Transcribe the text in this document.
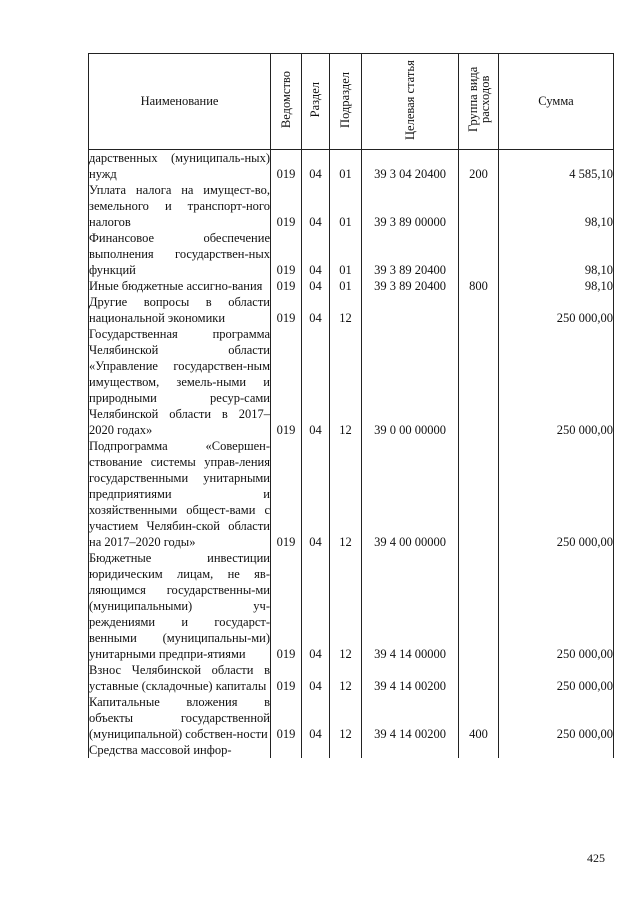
Наименование	Ведомство	Раздел	Подраздел	Целевая статья	Группа вида расходов	Сумма
дарственных (муниципаль-ных) нужд	019	04	01	39 3 04 20400	200	4 585,10
Уплата налога на имущест-во, земельного и транспорт-ного налогов	019	04	01	39 3 89 00000		98,10
Финансовое обеспечение выполнения государствен-ных функций	019	04	01	39 3 89 20400		98,10
Иные бюджетные ассигно-вания	019	04	01	39 3 89 20400	800	98,10
Другие вопросы в области национальной экономики	019	04	12			250 000,00
Государственная программа Челябинской области «Управление государствен-ным имуществом, земель-ными и природными ресур-сами Челябинской области в 2017–2020 годах»	019	04	12	39 0 00 00000		250 000,00
Подпрограмма «Совершен-ствование системы управ-ления государственными унитарными предприятиями и хозяйственными общест-вами с участием Челябин-ской области на 2017–2020 годы»	019	04	12	39 4 00 00000		250 000,00
Бюджетные инвестиции юридическим лицам, не яв-ляющимся государственны-ми (муниципальными) уч-реждениями и государст-венными (муниципальны-ми) унитарными предпри-ятиями	019	04	12	39 4 14 00000		250 000,00
Взнос Челябинской области в уставные (складочные) капиталы	019	04	12	39 4 14 00200		250 000,00
Капитальные вложения в объекты государственной (муниципальной) собствен-ности	019	04	12	39 4 14 00200	400	250 000,00
Средства массовой инфор-						
425
